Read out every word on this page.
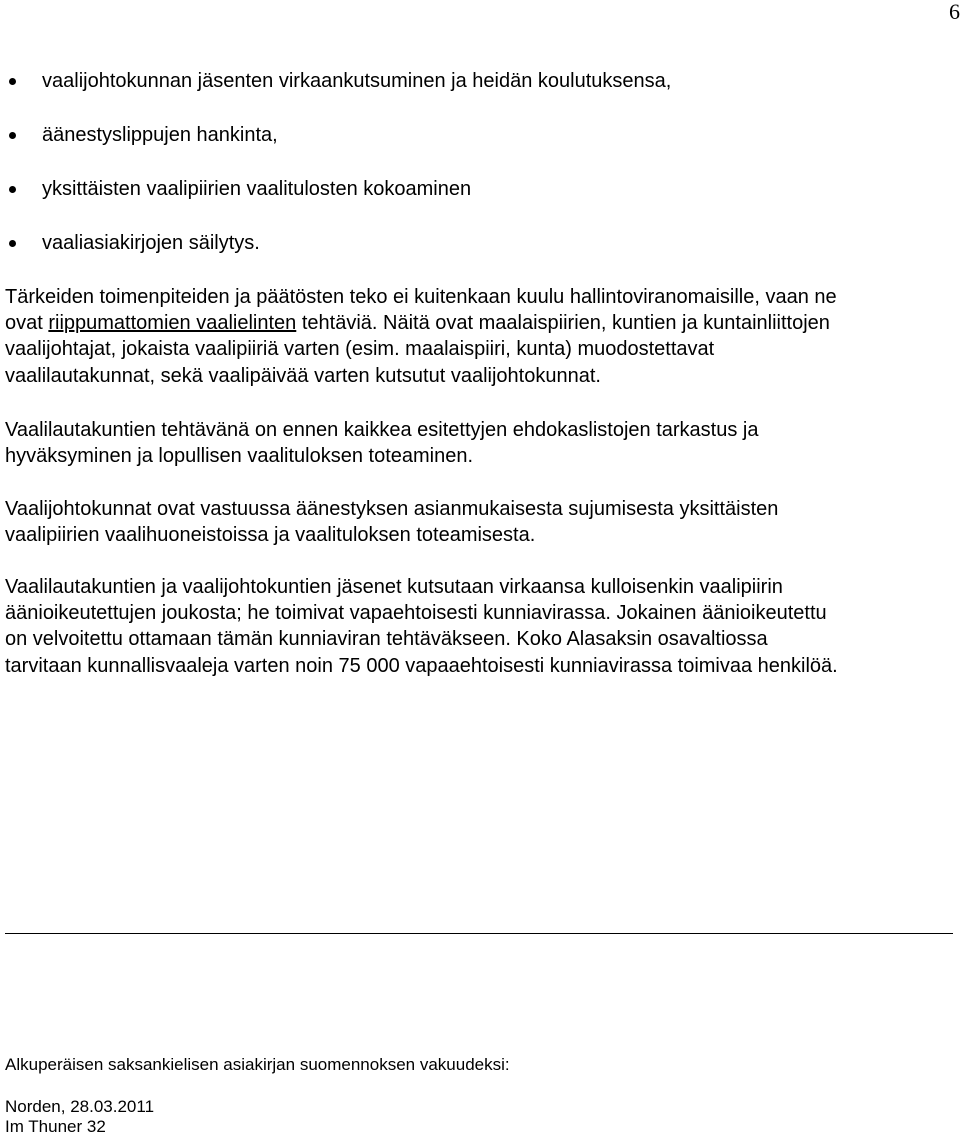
6
vaalijohtokunnan jäsenten virkaankutsuminen ja heidän koulutuksensa,
äänestyslippujen hankinta,
yksittäisten vaalipiirien vaalitulosten kokoaminen
vaaliasiakirjojen säilytys.
Tärkeiden toimenpiteiden ja päätösten teko ei kuitenkaan kuulu hallintoviranomaisille, vaan ne
ovat riippumattomien vaalielinten tehtäviä. Näitä ovat maalaispiirien, kuntien ja kuntainliittojen
vaalijohtajat, jokaista vaalipiiriä varten (esim. maalaispiiri, kunta) muodostettavat
vaalilautakunnat, sekä vaalipäivää varten kutsutut vaalijohtokunnat.
Vaalilautakuntien tehtävänä on ennen kaikkea esitettyjen ehdokaslistojen tarkastus ja
hyväksyminen ja lopullisen vaalituloksen toteaminen.
Vaalijohtokunnat ovat vastuussa äänestyksen asianmukaisesta sujumisesta yksittäisten
vaalipiirien vaalihuoneistoissa ja vaalituloksen toteamisesta.
Vaalilautakuntien ja vaalijohtokuntien jäsenet kutsutaan virkaansa kulloisenkin vaalipiirin
äänioikeutettujen joukosta; he toimivat vapaehtoisesti kunniavirassa. Jokainen äänioikeutettu
on velvoitettu ottamaan tämän kunniaviran tehtäväkseen. Koko Alasaksin osavaltiossa
tarvitaan kunnallisvaaleja varten noin 75 000 vapaaehtoisesti kunniavirassa toimivaa henkilöä.
Alkuperäisen saksankielisen asiakirjan suomennoksen vakuudeksi:
Norden, 28.03.2011
Im Thuner 32
